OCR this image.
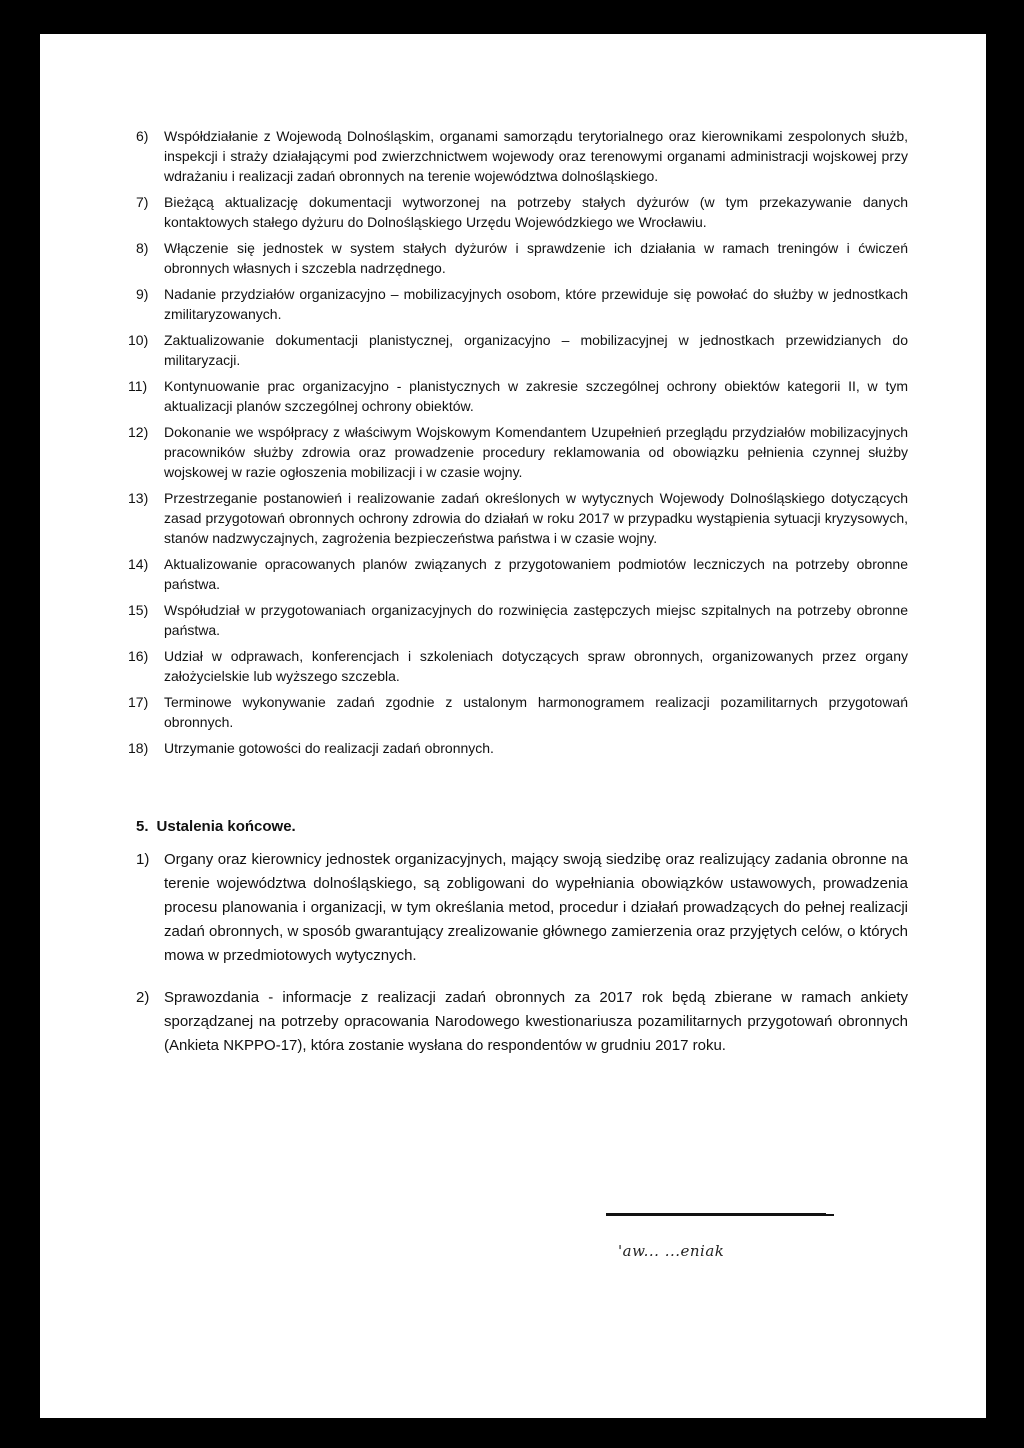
6)	Współdziałanie z Wojewodą Dolnośląskim, organami samorządu terytorialnego oraz kierownikami zespolonych służb, inspekcji i straży działającymi pod zwierzchnictwem wojewody oraz terenowymi organami administracji wojskowej przy wdrażaniu i realizacji zadań obronnych na terenie województwa dolnośląskiego.
7)	Bieżącą aktualizację dokumentacji wytworzonej na potrzeby stałych dyżurów (w tym przekazywanie danych kontaktowych stałego dyżuru do Dolnośląskiego Urzędu Wojewódzkiego we Wrocławiu.
8)	Włączenie się jednostek w system stałych dyżurów i sprawdzenie ich działania w ramach treningów i ćwiczeń obronnych własnych i szczebla nadrzędnego.
9)	Nadanie przydziałów organizacyjno – mobilizacyjnych osobom, które przewiduje się powołać do służby w jednostkach zmilitaryzowanych.
10)	Zaktualizowanie dokumentacji planistycznej, organizacyjno – mobilizacyjnej w jednostkach przewidzianych do militaryzacji.
11)	Kontynuowanie prac organizacyjno - planistycznych w zakresie szczególnej ochrony obiektów kategorii II, w tym aktualizacji planów szczególnej ochrony obiektów.
12)	Dokonanie we współpracy z właściwym Wojskowym Komendantem Uzupełnień przeglądu przydziałów mobilizacyjnych pracowników służby zdrowia oraz prowadzenie procedury reklamowania od obowiązku pełnienia czynnej służby wojskowej w razie ogłoszenia mobilizacji i w czasie wojny.
13)	Przestrzeganie postanowień i realizowanie zadań określonych w wytycznych Wojewody Dolnośląskiego dotyczących zasad przygotowań obronnych ochrony zdrowia do działań w roku 2017 w przypadku wystąpienia sytuacji kryzysowych, stanów nadzwyczajnych, zagrożenia bezpieczeństwa państwa i w czasie wojny.
14)	Aktualizowanie opracowanych planów związanych z przygotowaniem podmiotów leczniczych na potrzeby obronne państwa.
15)	Współudział w przygotowaniach organizacyjnych do rozwinięcia zastępczych miejsc szpitalnych na potrzeby obronne państwa.
16)	Udział w odprawach, konferencjach i szkoleniach dotyczących spraw obronnych, organizowanych przez organy założycielskie lub wyższego szczebla.
17)	Terminowe wykonywanie zadań zgodnie z ustalonym harmonogramem realizacji pozamilitarnych przygotowań obronnych.
18)	Utrzymanie gotowości do realizacji zadań obronnych.
5. Ustalenia końcowe.
1) Organy oraz kierownicy jednostek organizacyjnych, mający swoją siedzibę oraz realizujący zadania obronne na terenie województwa dolnośląskiego, są zobligowani do wypełniania obowiązków ustawowych, prowadzenia procesu planowania i organizacji, w tym określania metod, procedur i działań prowadzących do pełnej realizacji zadań obronnych, w sposób gwarantujący zrealizowanie głównego zamierzenia oraz przyjętych celów, o których mowa w przedmiotowych wytycznych.
2) Sprawozdania - informacje z realizacji zadań obronnych za 2017 rok będą zbierane w ramach ankiety sporządzanej na potrzeby opracowania Narodowego kwestionariusza pozamilitarnych przygotowań obronnych (Ankieta NKPPO-17), która zostanie wysłana do respondentów w grudniu 2017 roku.
'aw... ...eniak
